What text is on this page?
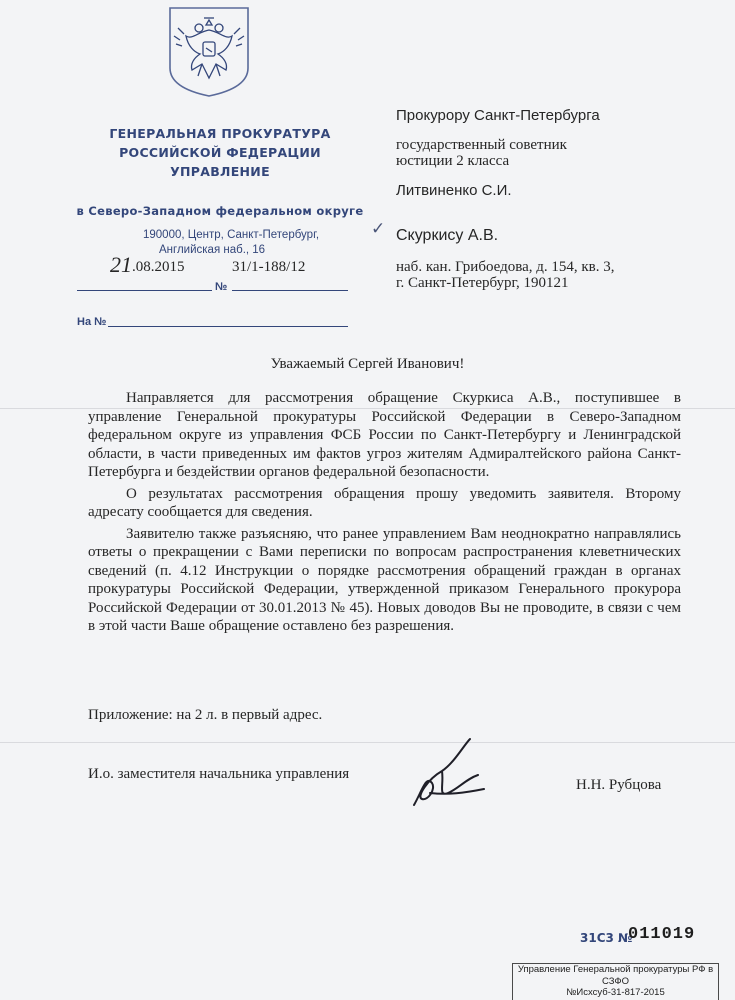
ГЕНЕРАЛЬНАЯ ПРОКУРАТУРА
РОССИЙСКОЙ ФЕДЕРАЦИИ
УПРАВЛЕНИЕ
в Северо-Западном федеральном округе
190000, Центр, Санкт-Петербург,
Английская наб., 16
21 .08.2015	31/1-188/12
№
На №
Прокурору Санкт-Петербурга
государственный советник
юстиции 2 класса
Литвиненко С.И.
✓ Скуркису А.В.
наб. кан. Грибоедова, д. 154, кв. 3,
г. Санкт-Петербург, 190121
Уважаемый Сергей Иванович!

Направляется для рассмотрения обращение Скуркиса А.В., поступившее в управление Генеральной прокуратуры Российской Федерации в Северо-Западном федеральном округе из управления ФСБ России по Санкт-Петербургу и Ленинградской области, в части приведенных им фактов угроз жителям Адмиралтейского района Санкт-Петербурга и бездействии органов федеральной безопасности.

О результатах рассмотрения обращения прошу уведомить заявителя. Второму адресату сообщается для сведения.

Заявителю также разъясняю, что ранее управлением Вам неоднократно направлялись ответы о прекращении с Вами переписки по вопросам распространения клеветнических сведений (п. 4.12 Инструкции о порядке рассмотрения обращений граждан в органах прокуратуры Российской Федерации, утвержденной приказом Генерального прокурора Российской Федерации от 30.01.2013 № 45). Новых доводов Вы не проводите, в связи с чем в этой части Ваше обращение оставлено без разрешения.

Приложение: на 2 л. в первый адрес.
И.о. заместителя начальника управления
Н.Н. Рубцова
31С3 №
011019
Управление Генеральной прокуратуры РФ в
СЗФО
№Исхсуб-31-817-2015
